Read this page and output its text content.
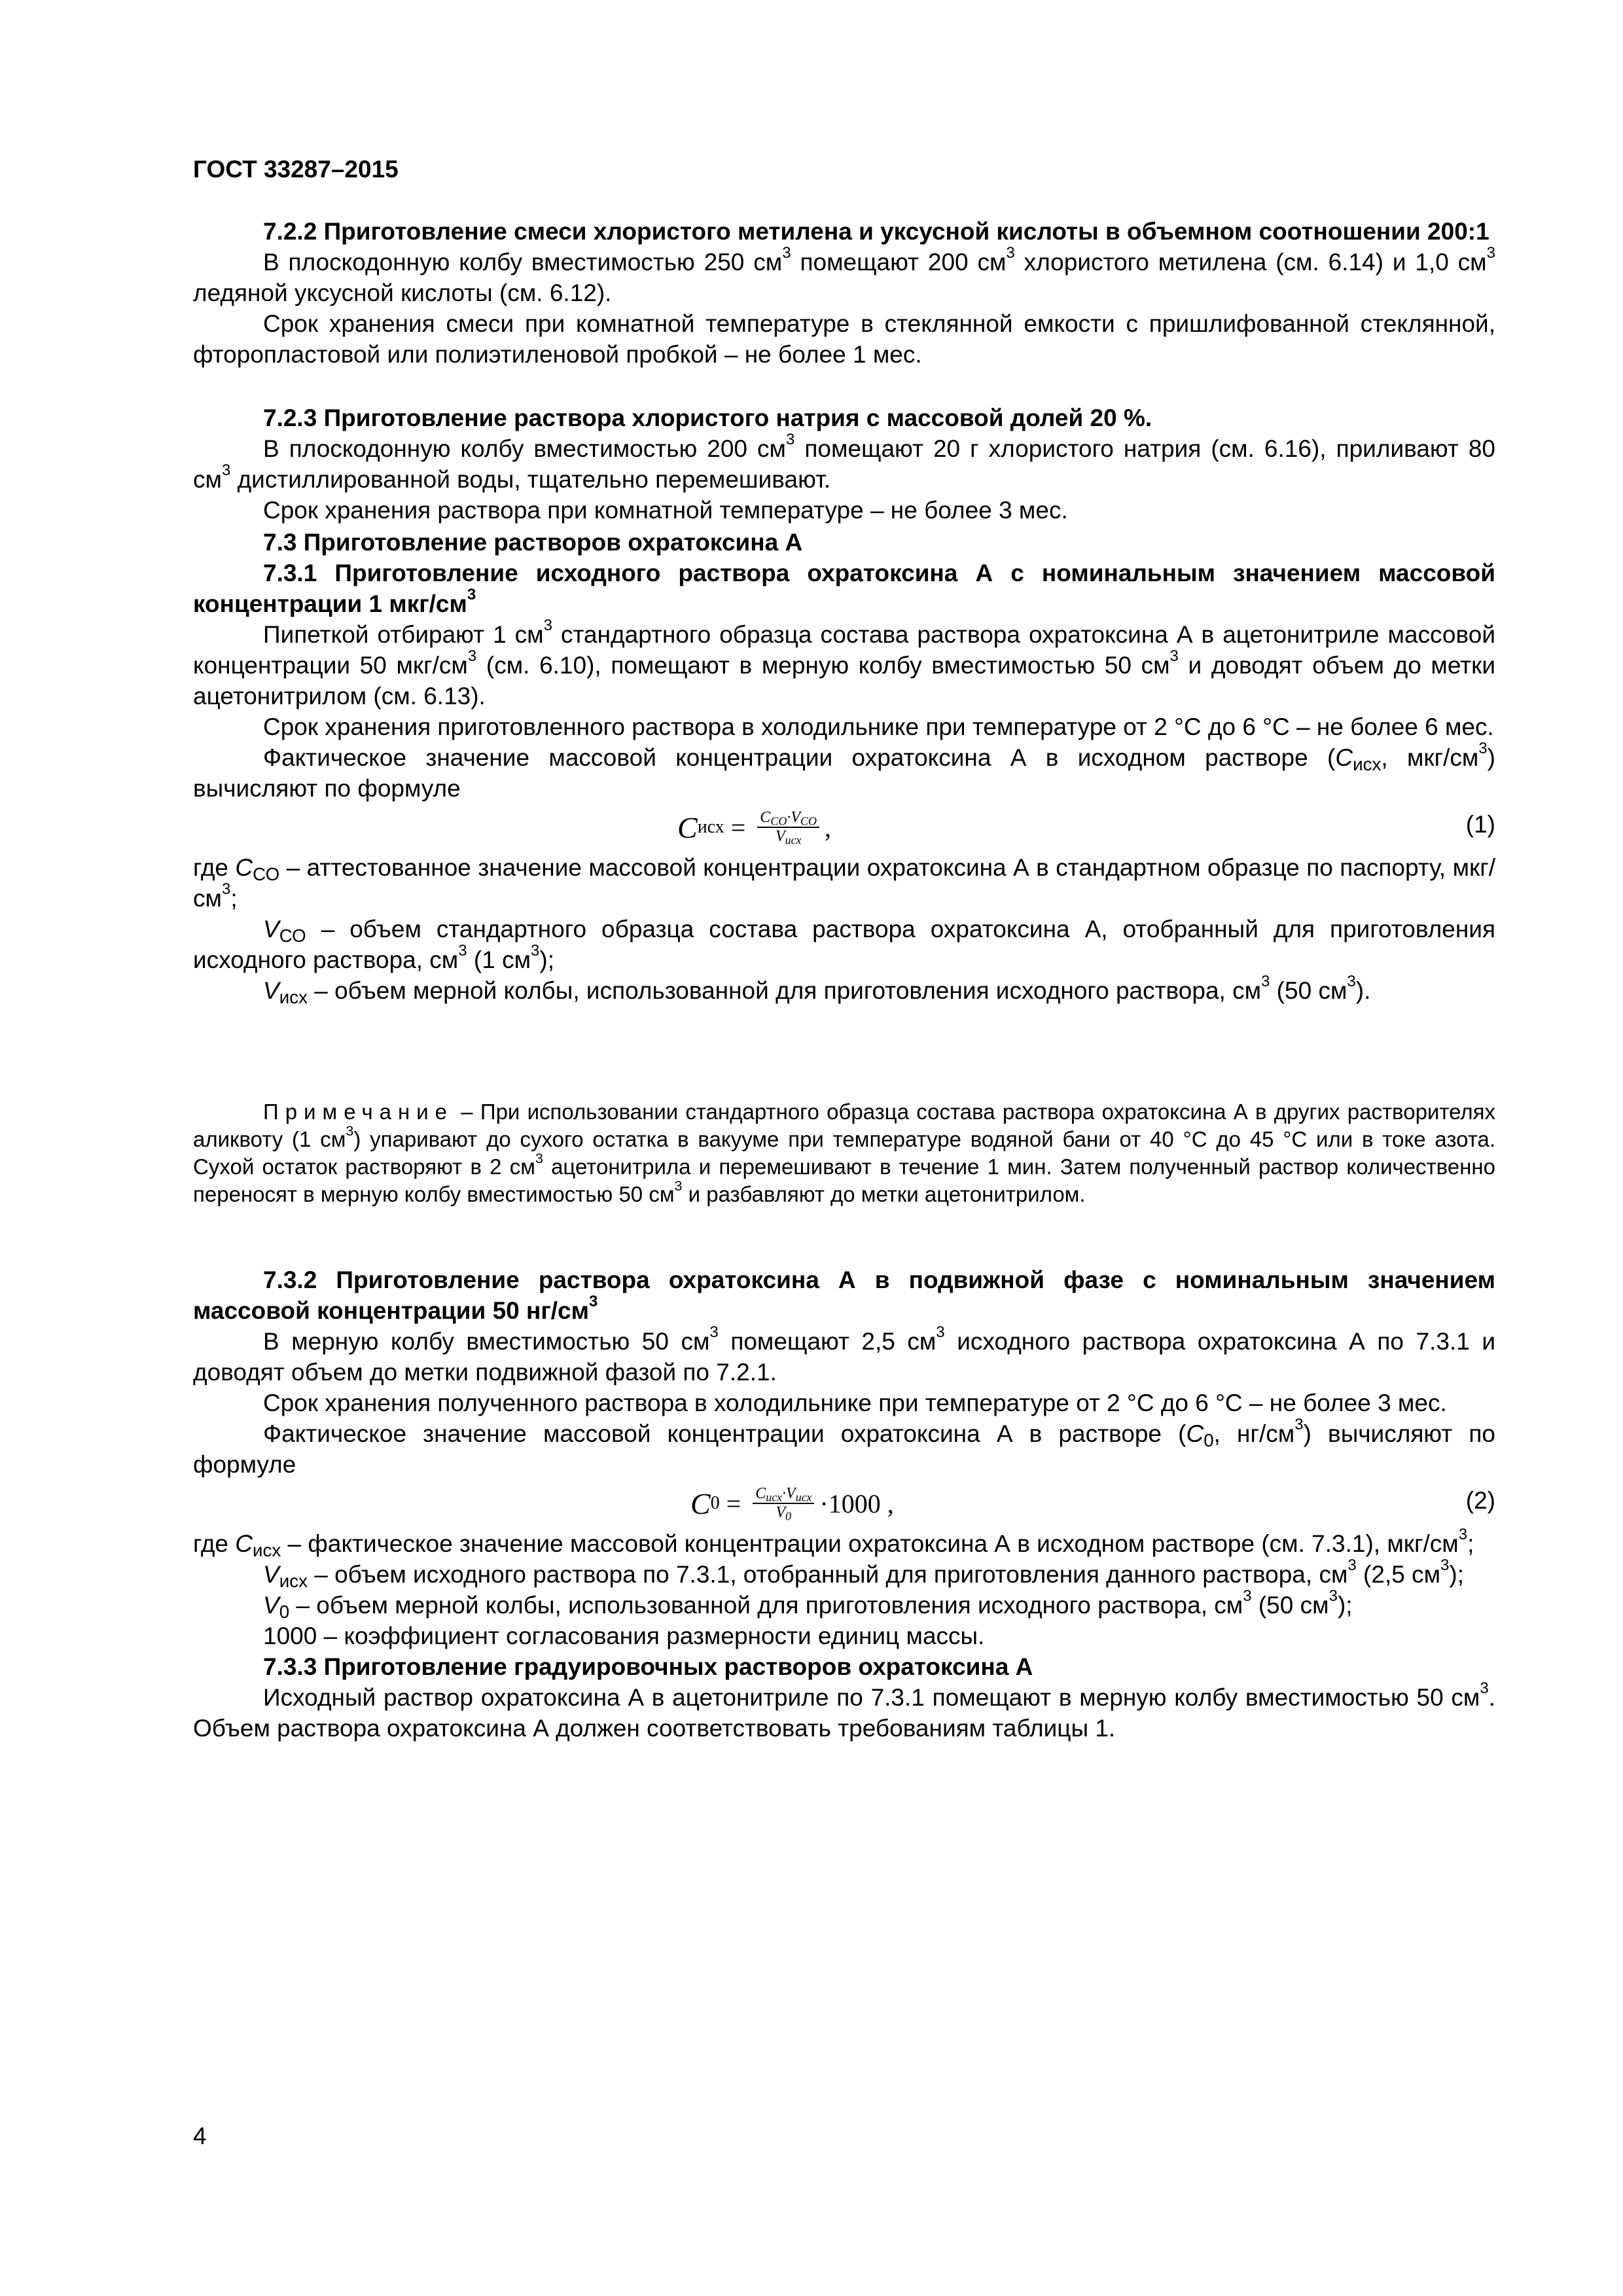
ГОСТ 33287–2015

7.2.2 Приготовление смеси хлористого метилена и уксусной кислоты в объемном соотношении 200:1

В плоскодонную колбу вместимостью 250 $см^3$ помещают 200 $см^3$ хлористого метилена (см. 6.14) и 1,0 $см^3$ ледяной уксусной кислоты (см. 6.12).

Срок хранения смеси при комнатной температуре в стеклянной емкости с пришлифованной стеклянной, фторопластовой или полиэтиленовой пробкой – не более 1 мес.

7.2.3 Приготовление раствора хлористого натрия с массовой долей 20 %.

В плоскодонную колбу вместимостью 200 $см^3$ помещают 20 г хлористого натрия (см. 6.16), приливают 80 $см^3$ дистиллированной воды, тщательно перемешивают.

Срок хранения раствора при комнатной температуре – не более 3 мес.

7.3 Приготовление растворов охратоксина А

7.3.1 Приготовление исходного раствора охратоксина А с номинальным значением массовой концентрации 1 мкг/$см^3$

Пипеткой отбирают 1 $см^3$ стандартного образца состава раствора охратоксина А в ацетонитриле массовой концентрации 50 мкг/$см^3$ (см. 6.10), помещают в мерную колбу вместимостью 50 $см^3$ и доводят объем до метки ацетонитрилом (см. 6.13).

Срок хранения приготовленного раствора в холодильнике при температуре от 2 °С до 6 °С – не более 6 мес.

Фактическое значение массовой концентрации охратоксина А в исходном растворе ($С_{исх}$, мкг/$см^3$) вычисляют по формуле

C исх = $\frac{C_{CO}\cdot V_{CO}}{V_{исх}}$ ,	(1)

где $С_{СО}$ – аттестованное значение массовой концентрации охратоксина А в стандартном образце по паспорту, мкг/$см^3$;

$V_{СО}$ – объем стандартного образца состава раствора охратоксина А, отобранный для приготовления исходного раствора, $см^3$ (1 $см^3$);

$V_{исх}$ – объем мерной колбы, использованной для приготовления исходного раствора, $см^3$ (50 $см^3$).

Примечание – При использовании стандартного образца состава раствора охратоксина А в других растворителях аликвоту (1 $см^3$) упаривают до сухого остатка в вакууме при температуре водяной бани от 40 °С до 45 °С или в токе азота. Сухой остаток растворяют в 2 $см^3$ ацетонитрила и перемешивают в течение 1 мин. Затем полученный раствор количественно переносят в мерную колбу вместимостью 50 $см^3$ и разбавляют до метки ацетонитрилом.

7.3.2 Приготовление раствора охратоксина А в подвижной фазе с номинальным значением массовой концентрации 50 $нг/см^3$

В мерную колбу вместимостью 50 $см^3$ помещают 2,5 $см^3$ исходного раствора охратоксина А по 7.3.1 и доводят объем до метки подвижной фазой по 7.2.1.

Срок хранения полученного раствора в холодильнике при температуре от 2 °С до 6 °С – не более 3 мес.

Фактическое значение массовой концентрации охратоксина А в растворе ($С_0$, $нг/см^3$) вычисляют по формуле

C $0 = \frac{C_{исх}\cdot V_{исх}}{V_0} \cdot 1000$ ,	(2)

где $С_{исх}$ – фактическое значение массовой концентрации охратоксина А в исходном растворе (см. 7.3.1), мкг/$см^3$;

$V_{исх}$ – объем исходного раствора по 7.3.1, отобранный для приготовления данного раствора, $см^3$ (2,5 $см^3$);

$V_0$ – объем мерной колбы, использованной для приготовления исходного раствора, $см^3$ (50 $см^3$);

1000 – коэффициент согласования размерности единиц массы.

7.3.3 Приготовление градуировочных растворов охратоксина А

Исходный раствор охратоксина А в ацетонитриле по 7.3.1 помещают в мерную колбу вместимостью 50 $см^3$. Объем раствора охратоксина А должен соответствовать требованиям таблицы 1.

4
